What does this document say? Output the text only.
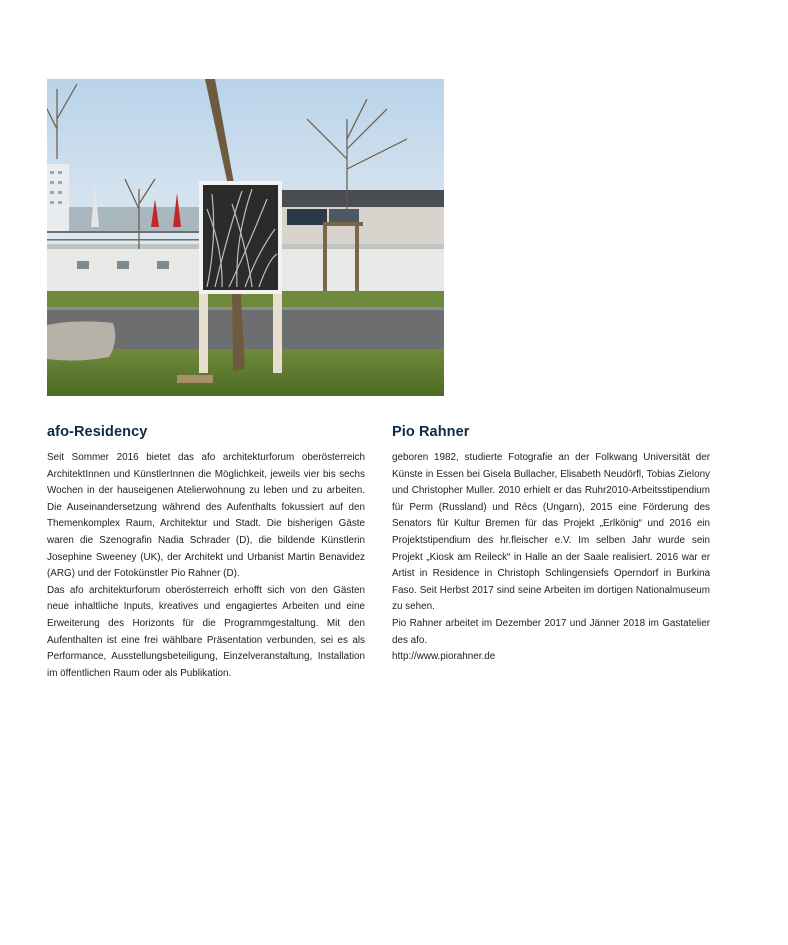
afo-Residency

Seit Sommer 2016 bietet das afo architekturforum oberösterreich ArchitektInnen und KünstlerInnen die Möglichkeit, jeweils vier bis sechs Wochen in der hauseigenen Atelierwohnung zu leben und zu arbeiten. Die Auseinandersetzung während des Aufenthalts fokussiert auf den Themenkomplex Raum, Architektur und Stadt. Die bisherigen Gäste waren die Szenografin Nadia Schrader (D), die bildende Künstlerin Josephine Sweeney (UK), der Architekt und Urbanist Martin Benavidez (ARG) und der Fotokünstler Pio Rahner (D).

Das afo architekturforum oberösterreich erhofft sich von den Gästen neue inhaltliche Inputs, kreatives und engagiertes Arbeiten und eine Erweiterung des Horizonts für die Programmgestaltung. Mit den Aufenthalten ist eine frei wählbare Präsentation verbunden, sei es als Performance, Ausstellungsbeteiligung, Einzelveranstaltung, Installation im öffentlichen Raum oder als Publikation.

Pio Rahner

geboren 1982, studierte Fotografie an der Folkwang Universität der Künste in Essen bei Gisela Bullacher, Elisabeth Neudörfl, Tobias Zielony und Christopher Muller. 2010 erhielt er das Ruhr2010-Arbeitsstipendium für Perm (Russland) und Récs (Ungarn), 2015 eine Förderung des Senators für Kultur Bremen für das Projekt „Erlkönig“ und 2016 ein Projektstipendium des hr.fleischer e.V. Im selben Jahr wurde sein Projekt „Kiosk am Reileck“ in Halle an der Saale realisiert. 2016 war er Artist in Residence in Christoph Schlingensiefs Operndorf in Burkina Faso. Seit Herbst 2017 sind seine Arbeiten im dortigen Nationalmuseum zu sehen.

Pio Rahner arbeitet im Dezember 2017 und Jänner 2018 im Gastatelier des afo.

http://www.piorahner.de
